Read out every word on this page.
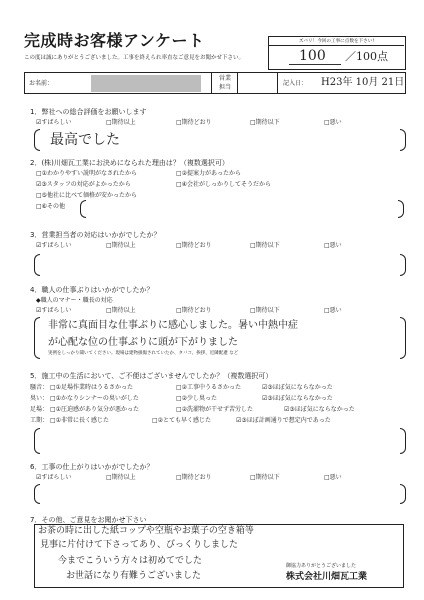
完成時お客様アンケート
この度は誠にありがとうございました。工事を終えられ率直なご意見をお聞かせ下さい。
ズバリ！今回の工事に点数を下さい!
100 ／100点
お名前：
営業
担当
記入日： H23年 10月 21日
1．弊社への総合評価をお願いします
☑すばらしい	□期待以上	□期待どおり	□期待以下	□悪い
最高でした
2．(株)川畑瓦工業にお決めになられた理由は？（複数選択可）
□①わかりやすい説明がなされたから	□②提案力があったから
☑③スタッフの対応がよかったから	□④会社がしっかりしてそうだから
□⑤他社に比べて価格が安かったから
□⑥その他
3．営業担当者の対応はいかがでしたか？
☑すばらしい	□期待以上	□期待どおり	□期待以下	□悪い
4．職人の仕事ぶりはいかがでしたか？
◆職人のマナー・職長の対応
☑すばらしい	□期待以上	□期待どおり	□期待以下	□悪い
非常に真面目な仕事ぶりに感心しました。暑い中熱中症
が心配な位の仕事ぶりに頭が下がりました
実例をしっかり聞いてください。現場は建物損傷されていたか、タバコ、挨拶、近隣配慮 など
5．施工中の生活において、ご不便はございませんでしたか？（複数選択可）
騒音： □①足場作業時はうるさかった	□②工事中うるさかった	☑③ほぼ気にならなかった
臭い： □①かなりシンナーの臭いがした	□②少し臭った	☑③ほぼ気にならなかった
足場： □①圧迫感があり気分が悪かった	□②洗濯物が干せず苦労した	☑③ほぼ気にならなかった
工期： □①非常に長く感じた	□②とても早く感じた	☑③ほぼ計画通りで想定内であった
6．工事の仕上がりはいかがでしたか？
☑すばらしい	□期待以上	□期待どおり	□期待以下	□悪い
7．その他、ご意見をお聞かせ下さい
お茶の時に出した紙コップや空瓶やお菓子の空き箱等
見事に片付けて下さってあり、びっくりしました
今までこういう方々は初めてでした
お世話になり有難うございました
御協力ありがとうございました
株式会社川畑瓦工業
